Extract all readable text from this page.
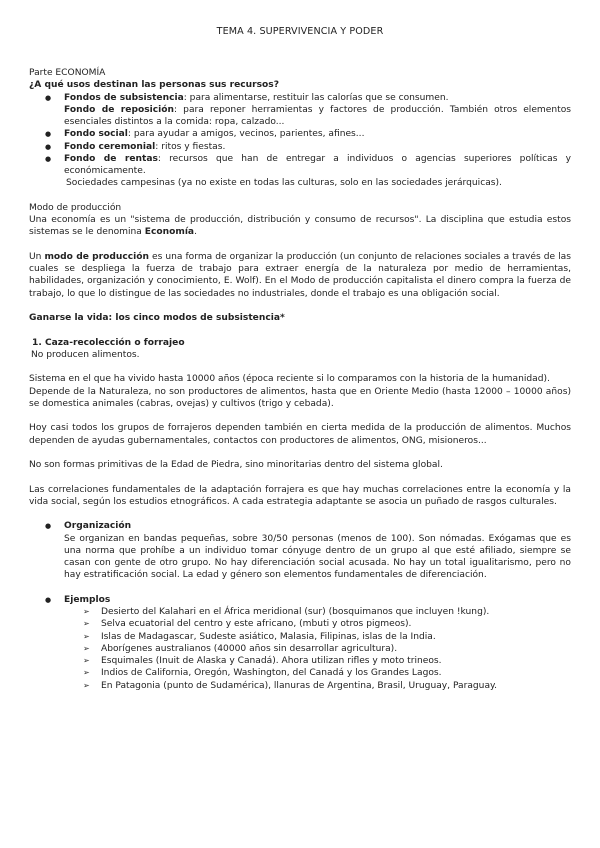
TEMA 4. SUPERVIVENCIA Y PODER

Parte ECONOMÍA

¿A qué usos destinan las personas sus recursos?

● Fondos de subsistencia: para alimentarse, restituir las calorías que se consumen.

Fondo de reposición: para reponer herramientas y factores de producción. También otros elementos esenciales distintos a la comida: ropa, calzado...

● Fondo social: para ayudar a amigos, vecinos, parientes, afines...
● Fondo ceremonial: ritos y fiestas.
● Fondo de rentas: recursos que han de entregar a individuos o agencias superiores políticas y económicamente.

Sociedades campesinas (ya no existe en todas las culturas, solo en las sociedades jerárquicas).

Modo de producción

Una economía es un "sistema de producción, distribución y consumo de recursos". La disciplina que estudia estos sistemas se le denomina Economía.

Un modo de producción es una forma de organizar la producción (un conjunto de relaciones sociales a través de las cuales se despliega la fuerza de trabajo para extraer energía de la naturaleza por medio de herramientas, habilidades, organización y conocimiento, E. Wolf). En el Modo de producción capitalista el dinero compra la fuerza de trabajo, lo que lo distingue de las sociedades no industriales, donde el trabajo es una obligación social.

Ganarse la vida: los cinco modos de subsistencia*

1. Caza-recolección o forrajeo

No producen alimentos.

Sistema en el que ha vivido hasta 10000 años (época reciente si lo comparamos con la historia de la humanidad).

Depende de la Naturaleza, no son productores de alimentos, hasta que en Oriente Medio (hasta 12000 – 10000 años) se domestica animales (cabras, ovejas) y cultivos (trigo y cebada).

Hoy casi todos los grupos de forrajeros dependen también en cierta medida de la producción de alimentos. Muchos dependen de ayudas gubernamentales, contactos con productores de alimentos, ONG, misioneros...

No son formas primitivas de la Edad de Piedra, sino minoritarias dentro del sistema global.

Las correlaciones fundamentales de la adaptación forrajera es que hay muchas correlaciones entre la economía y la vida social, según los estudios etnográficos. A cada estrategia adaptante se asocia un puñado de rasgos culturales.

● Organización

Se organizan en bandas pequeñas, sobre 30/50 personas (menos de 100). Son nómadas. Exógamas que es una norma que prohíbe a un individuo tomar cónyuge dentro de un grupo al que esté afiliado, siempre se casan con gente de otro grupo. No hay diferenciación social acusada. No hay un total igualitarismo, pero no hay estratificación social. La edad y género son elementos fundamentales de diferenciación.

● Ejemplos
➢ Desierto del Kalahari en el África meridional (sur) (bosquimanos que incluyen !kung).
➢ Selva ecuatorial del centro y este africano, (mbuti y otros pigmeos).
➢ Islas de Madagascar, Sudeste asiático, Malasia, Filipinas, islas de la India.
➢ Aborígenes australianos (40000 años sin desarrollar agricultura).
➢ Esquimales (Inuit de Alaska y Canadá). Ahora utilizan rifles y moto trineos.
➢ Indios de California, Oregón, Washington, del Canadá y los Grandes Lagos.
➢ En Patagonia (punto de Sudamérica), llanuras de Argentina, Brasil, Uruguay, Paraguay.
